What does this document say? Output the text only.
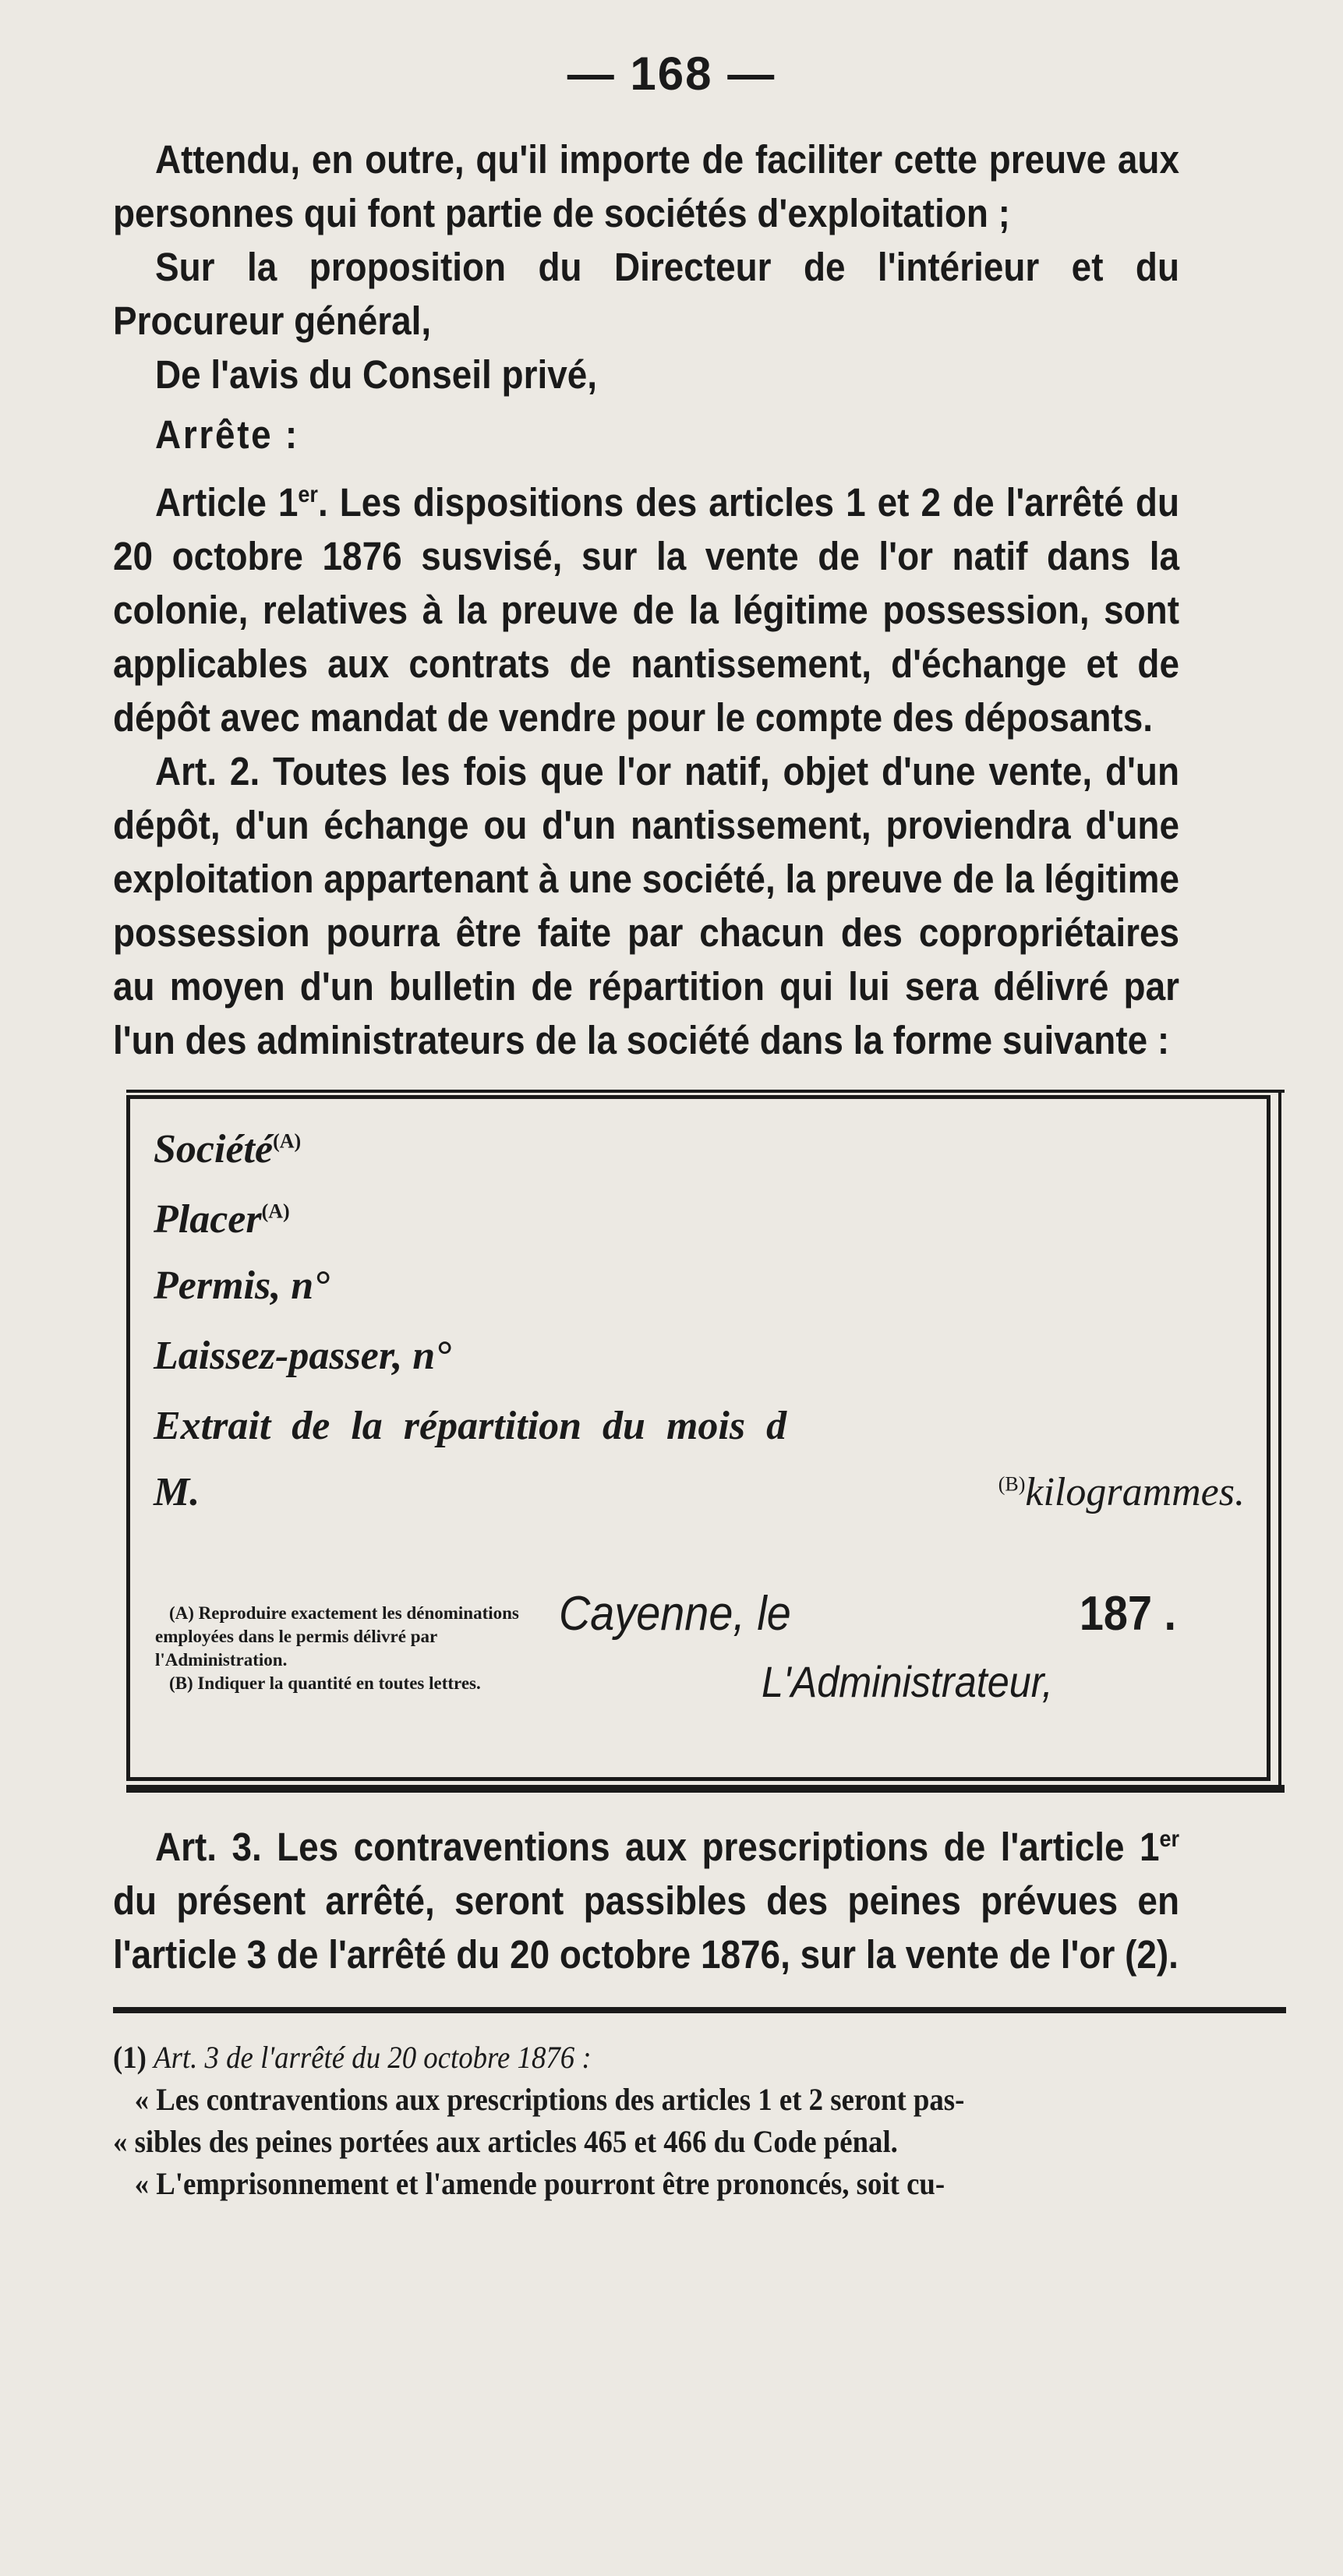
— 168 —

Attendu, en outre, qu'il importe de faciliter cette preuve aux personnes qui font partie de sociétés d'exploitation ;

Sur la proposition du Directeur de l'intérieur et du Procureur général,

De l'avis du Conseil privé,

Arrête :

Article 1er. Les dispositions des articles 1 et 2 de l'arrêté du 20 octobre 1876 susvisé, sur la vente de l'or natif dans la colonie, relatives à la preuve de la légitime possession, sont applicables aux contrats de nantissement, d'échange et de dépôt avec mandat de vendre pour le compte des déposants.

Art. 2. Toutes les fois que l'or natif, objet d'une vente, d'un dépôt, d'un échange ou d'un nantissement, proviendra d'une exploitation appartenant à une société, la preuve de la légitime possession pourra être faite par chacun des copropriétaires au moyen d'un bulletin de répartition qui lui sera délivré par l'un des administrateurs de la société dans la forme suivante :

Société$^{(A)}$
Placer$^{(A)}$
Permis, n°
Laissez-passer, n°
Extrait de la répartition du mois d
M.	$^{(B)}$kilogrammes.

(A) Reproduire exactement les dénominations employées dans le permis délivré par l'Administration.

(B) Indiquer la quantité en toutes lettres.

Cayenne, le	187 .
L'Administrateur,

Art. 3. Les contraventions aux prescriptions de l'article 1er du présent arrêté, seront passibles des peines prévues en l'article 3 de l'arrêté du 20 octobre 1876, sur la vente de l'or (2).

(1) Art. 3 de l'arrêté du 20 octobre 1876 :

« Les contraventions aux prescriptions des articles 1 et 2 seront pas-

« sibles des peines portées aux articles 465 et 466 du Code pénal.

« L'emprisonnement et l'amende pourront être prononcés, soit cu-
